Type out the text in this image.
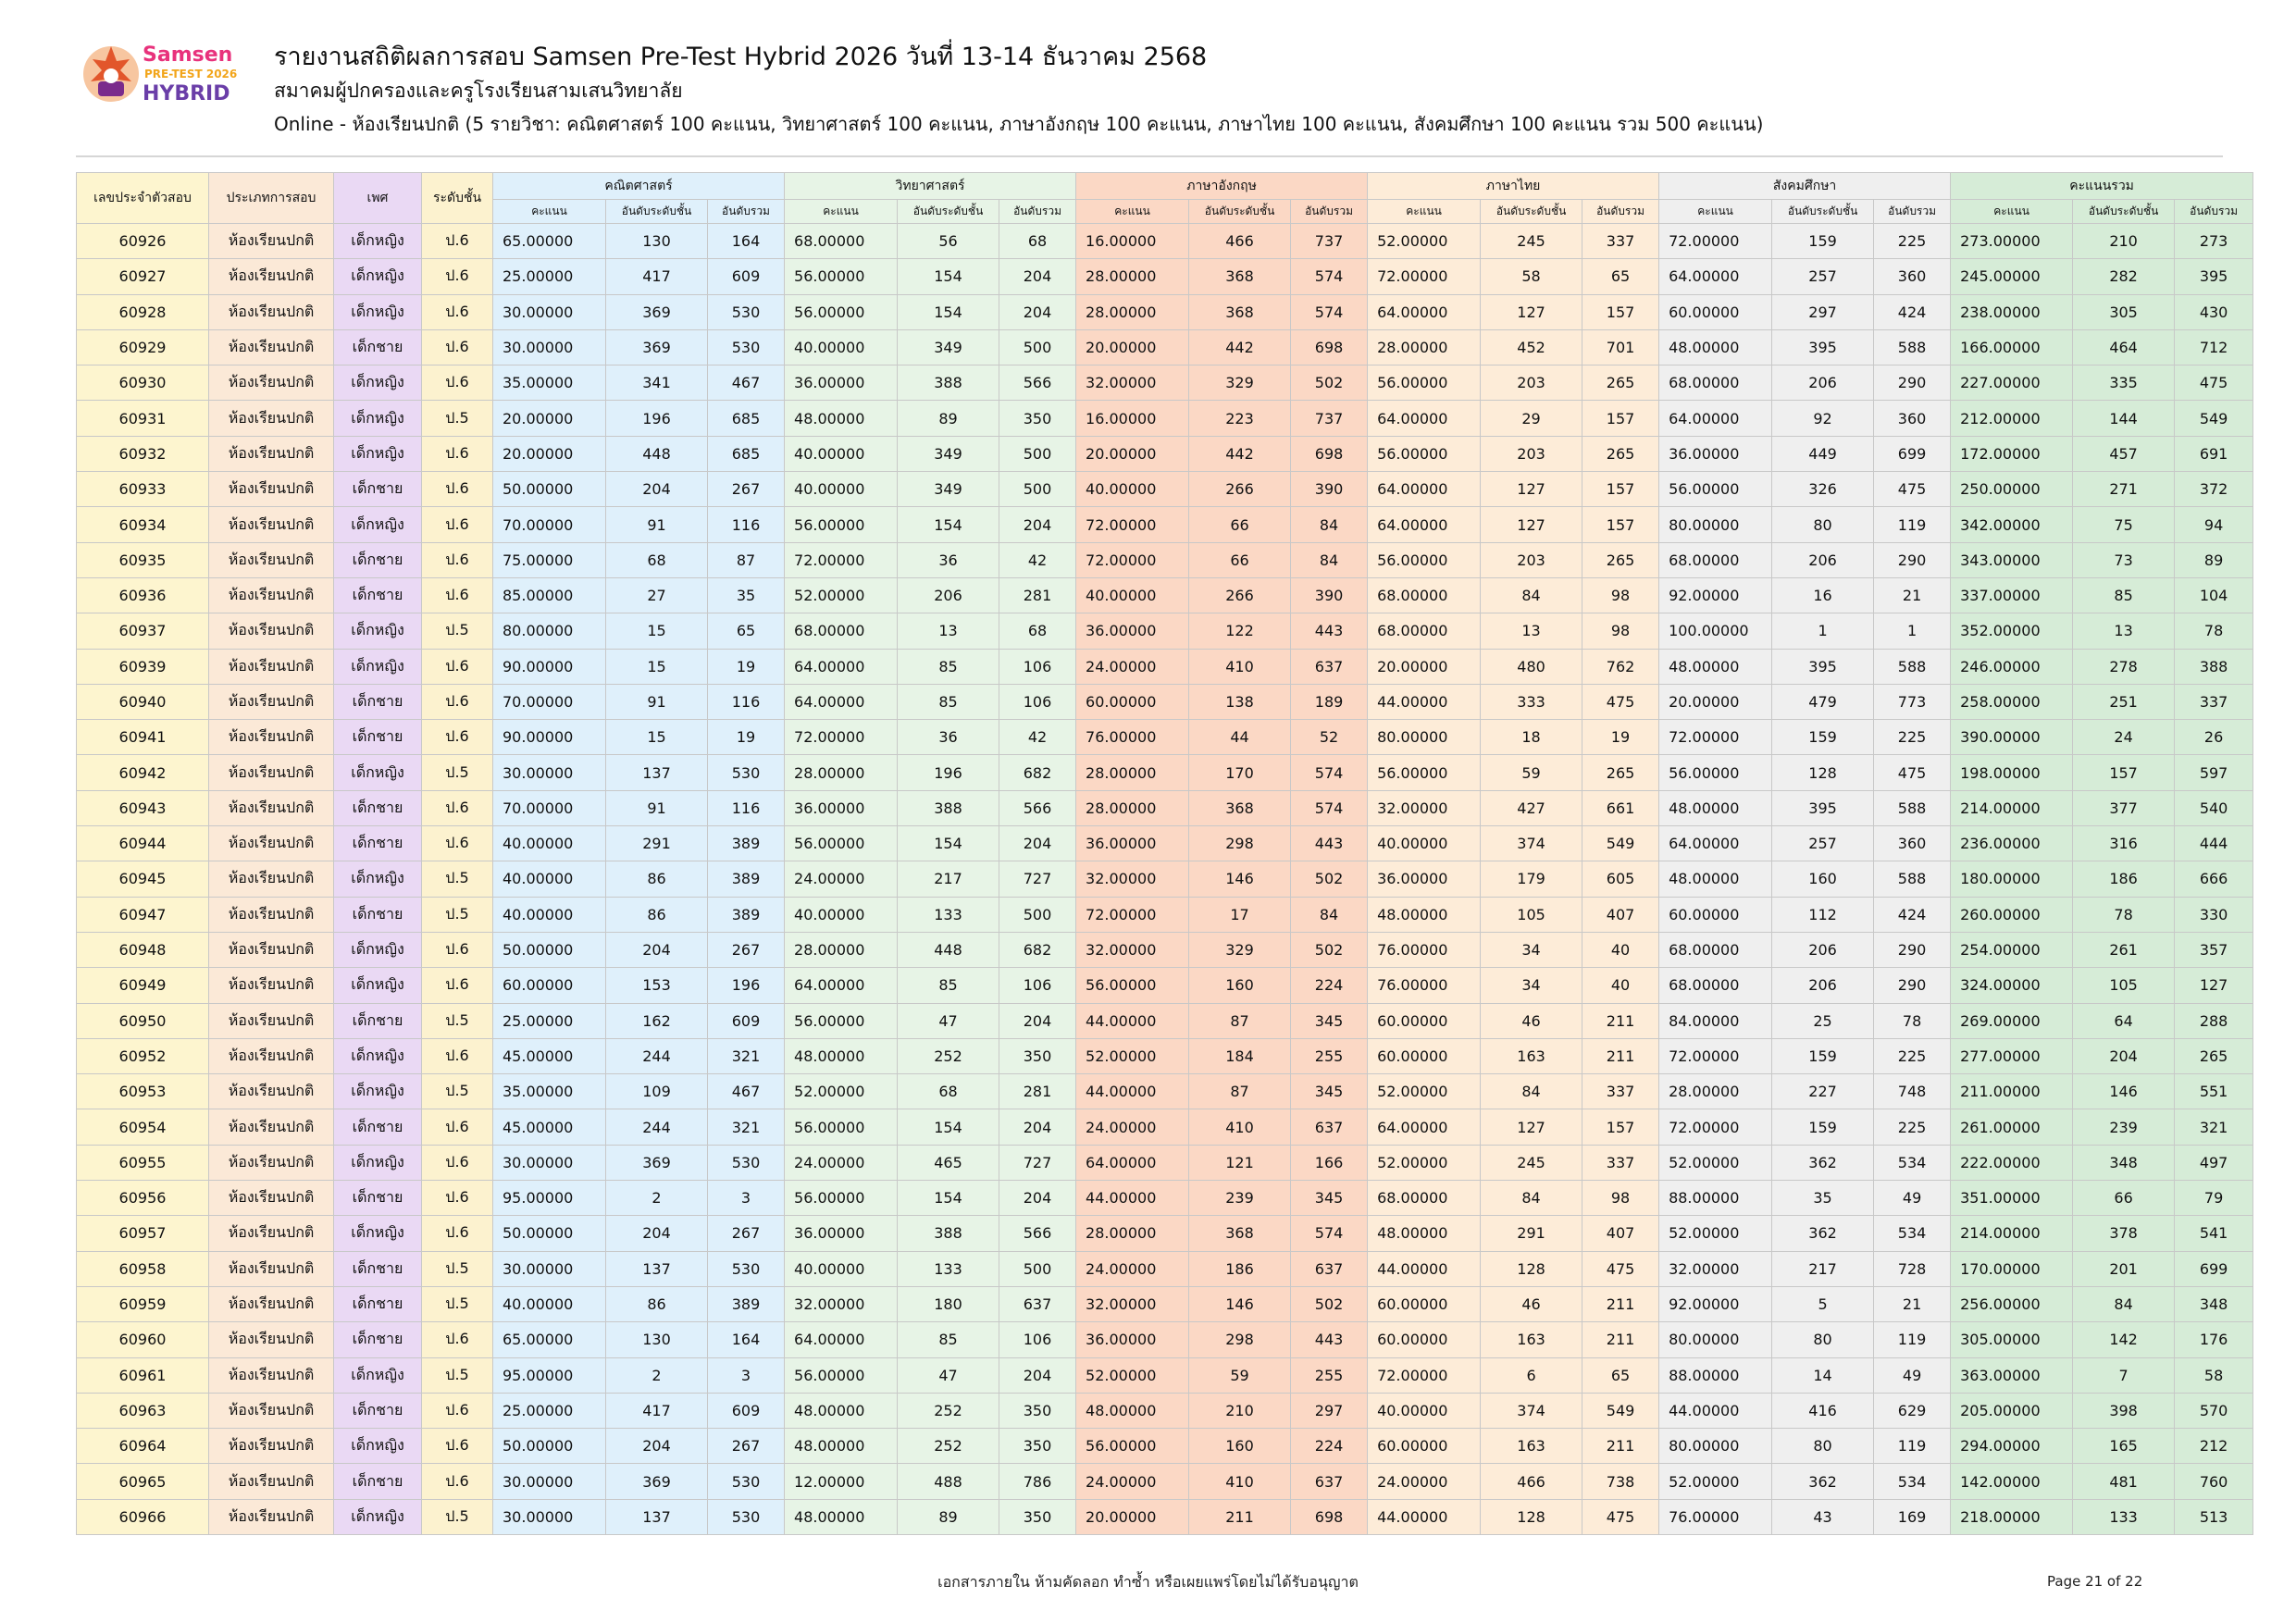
Samsen
PRE-TEST 2026
HYBRID
รายงานสถิติผลการสอบ Samsen Pre-Test Hybrid 2026 วันที่ 13-14 ธันวาคม 2568
สมาคมผู้ปกครองและครูโรงเรียนสามเสนวิทยาลัย
Online - ห้องเรียนปกติ (5 รายวิชา: คณิตศาสตร์ 100 คะแนน, วิทยาศาสตร์ 100 คะแนน, ภาษาอังกฤษ 100 คะแนน, ภาษาไทย 100 คะแนน, สังคมศึกษา 100 คะแนน รวม 500 คะแนน)
เลขประจำตัวสอบ	ประเภทการสอบ	เพศ	ระดับชั้น	คณิตศาสตร์			วิทยาศาสตร์			ภาษาอังกฤษ			ภาษาไทย			สังคมศึกษา			คะแนนรวม		
				คะแนน	อันดับระดับชั้น	อันดับรวม	คะแนน	อันดับระดับชั้น	อันดับรวม	คะแนน	อันดับระดับชั้น	อันดับรวม	คะแนน	อันดับระดับชั้น	อันดับรวม	คะแนน	อันดับระดับชั้น	อันดับรวม	คะแนน	อันดับระดับชั้น	อันดับรวม
60926	ห้องเรียนปกติ	เด็กหญิง	ป.6	65.00000	130	164	68.00000	56	68	16.00000	466	737	52.00000	245	337	72.00000	159	225	273.00000	210	273
60927	ห้องเรียนปกติ	เด็กหญิง	ป.6	25.00000	417	609	56.00000	154	204	28.00000	368	574	72.00000	58	65	64.00000	257	360	245.00000	282	395
60928	ห้องเรียนปกติ	เด็กหญิง	ป.6	30.00000	369	530	56.00000	154	204	28.00000	368	574	64.00000	127	157	60.00000	297	424	238.00000	305	430
60929	ห้องเรียนปกติ	เด็กชาย	ป.6	30.00000	369	530	40.00000	349	500	20.00000	442	698	28.00000	452	701	48.00000	395	588	166.00000	464	712
60930	ห้องเรียนปกติ	เด็กหญิง	ป.6	35.00000	341	467	36.00000	388	566	32.00000	329	502	56.00000	203	265	68.00000	206	290	227.00000	335	475
60931	ห้องเรียนปกติ	เด็กหญิง	ป.5	20.00000	196	685	48.00000	89	350	16.00000	223	737	64.00000	29	157	64.00000	92	360	212.00000	144	549
60932	ห้องเรียนปกติ	เด็กหญิง	ป.6	20.00000	448	685	40.00000	349	500	20.00000	442	698	56.00000	203	265	36.00000	449	699	172.00000	457	691
60933	ห้องเรียนปกติ	เด็กชาย	ป.6	50.00000	204	267	40.00000	349	500	40.00000	266	390	64.00000	127	157	56.00000	326	475	250.00000	271	372
60934	ห้องเรียนปกติ	เด็กหญิง	ป.6	70.00000	91	116	56.00000	154	204	72.00000	66	84	64.00000	127	157	80.00000	80	119	342.00000	75	94
60935	ห้องเรียนปกติ	เด็กชาย	ป.6	75.00000	68	87	72.00000	36	42	72.00000	66	84	56.00000	203	265	68.00000	206	290	343.00000	73	89
60936	ห้องเรียนปกติ	เด็กชาย	ป.6	85.00000	27	35	52.00000	206	281	40.00000	266	390	68.00000	84	98	92.00000	16	21	337.00000	85	104
60937	ห้องเรียนปกติ	เด็กหญิง	ป.5	80.00000	15	65	68.00000	13	68	36.00000	122	443	68.00000	13	98	100.00000	1	1	352.00000	13	78
60939	ห้องเรียนปกติ	เด็กหญิง	ป.6	90.00000	15	19	64.00000	85	106	24.00000	410	637	20.00000	480	762	48.00000	395	588	246.00000	278	388
60940	ห้องเรียนปกติ	เด็กชาย	ป.6	70.00000	91	116	64.00000	85	106	60.00000	138	189	44.00000	333	475	20.00000	479	773	258.00000	251	337
60941	ห้องเรียนปกติ	เด็กชาย	ป.6	90.00000	15	19	72.00000	36	42	76.00000	44	52	80.00000	18	19	72.00000	159	225	390.00000	24	26
60942	ห้องเรียนปกติ	เด็กหญิง	ป.5	30.00000	137	530	28.00000	196	682	28.00000	170	574	56.00000	59	265	56.00000	128	475	198.00000	157	597
60943	ห้องเรียนปกติ	เด็กชาย	ป.6	70.00000	91	116	36.00000	388	566	28.00000	368	574	32.00000	427	661	48.00000	395	588	214.00000	377	540
60944	ห้องเรียนปกติ	เด็กชาย	ป.6	40.00000	291	389	56.00000	154	204	36.00000	298	443	40.00000	374	549	64.00000	257	360	236.00000	316	444
60945	ห้องเรียนปกติ	เด็กหญิง	ป.5	40.00000	86	389	24.00000	217	727	32.00000	146	502	36.00000	179	605	48.00000	160	588	180.00000	186	666
60947	ห้องเรียนปกติ	เด็กชาย	ป.5	40.00000	86	389	40.00000	133	500	72.00000	17	84	48.00000	105	407	60.00000	112	424	260.00000	78	330
60948	ห้องเรียนปกติ	เด็กหญิง	ป.6	50.00000	204	267	28.00000	448	682	32.00000	329	502	76.00000	34	40	68.00000	206	290	254.00000	261	357
60949	ห้องเรียนปกติ	เด็กหญิง	ป.6	60.00000	153	196	64.00000	85	106	56.00000	160	224	76.00000	34	40	68.00000	206	290	324.00000	105	127
60950	ห้องเรียนปกติ	เด็กชาย	ป.5	25.00000	162	609	56.00000	47	204	44.00000	87	345	60.00000	46	211	84.00000	25	78	269.00000	64	288
60952	ห้องเรียนปกติ	เด็กหญิง	ป.6	45.00000	244	321	48.00000	252	350	52.00000	184	255	60.00000	163	211	72.00000	159	225	277.00000	204	265
60953	ห้องเรียนปกติ	เด็กหญิง	ป.5	35.00000	109	467	52.00000	68	281	44.00000	87	345	52.00000	84	337	28.00000	227	748	211.00000	146	551
60954	ห้องเรียนปกติ	เด็กชาย	ป.6	45.00000	244	321	56.00000	154	204	24.00000	410	637	64.00000	127	157	72.00000	159	225	261.00000	239	321
60955	ห้องเรียนปกติ	เด็กหญิง	ป.6	30.00000	369	530	24.00000	465	727	64.00000	121	166	52.00000	245	337	52.00000	362	534	222.00000	348	497
60956	ห้องเรียนปกติ	เด็กชาย	ป.6	95.00000	2	3	56.00000	154	204	44.00000	239	345	68.00000	84	98	88.00000	35	49	351.00000	66	79
60957	ห้องเรียนปกติ	เด็กหญิง	ป.6	50.00000	204	267	36.00000	388	566	28.00000	368	574	48.00000	291	407	52.00000	362	534	214.00000	378	541
60958	ห้องเรียนปกติ	เด็กชาย	ป.5	30.00000	137	530	40.00000	133	500	24.00000	186	637	44.00000	128	475	32.00000	217	728	170.00000	201	699
60959	ห้องเรียนปกติ	เด็กชาย	ป.5	40.00000	86	389	32.00000	180	637	32.00000	146	502	60.00000	46	211	92.00000	5	21	256.00000	84	348
60960	ห้องเรียนปกติ	เด็กชาย	ป.6	65.00000	130	164	64.00000	85	106	36.00000	298	443	60.00000	163	211	80.00000	80	119	305.00000	142	176
60961	ห้องเรียนปกติ	เด็กหญิง	ป.5	95.00000	2	3	56.00000	47	204	52.00000	59	255	72.00000	6	65	88.00000	14	49	363.00000	7	58
60963	ห้องเรียนปกติ	เด็กชาย	ป.6	25.00000	417	609	48.00000	252	350	48.00000	210	297	40.00000	374	549	44.00000	416	629	205.00000	398	570
60964	ห้องเรียนปกติ	เด็กหญิง	ป.6	50.00000	204	267	48.00000	252	350	56.00000	160	224	60.00000	163	211	80.00000	80	119	294.00000	165	212
60965	ห้องเรียนปกติ	เด็กชาย	ป.6	30.00000	369	530	12.00000	488	786	24.00000	410	637	24.00000	466	738	52.00000	362	534	142.00000	481	760
60966	ห้องเรียนปกติ	เด็กหญิง	ป.5	30.00000	137	530	48.00000	89	350	20.00000	211	698	44.00000	128	475	76.00000	43	169	218.00000	133	513
เอกสารภายใน ห้ามคัดลอก ทำซ้ำ หรือเผยแพร่โดยไม่ได้รับอนุญาต	Page 21 of 22
